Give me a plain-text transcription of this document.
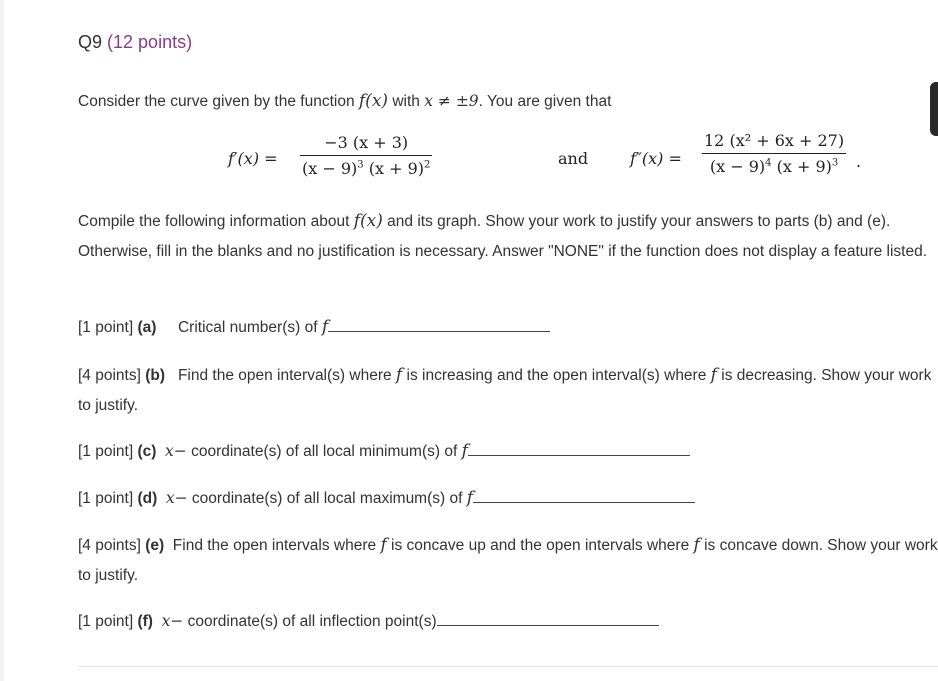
Q9 (12 points)

Consider the curve given by the function f(x) with x ≠ ±9. You are given that

$f'(x) = \frac{-3 (x + 3)}{(x - 9)^3 (x + 9)^2}$	and	$f''(x) = \frac{\text{12 (x² + 6x + 27)}}{(x - 9)^4 (x + 9)^3}$ .

Compile the following information about f(x) and its graph. Show your work to justify your answers to parts (b) and (e). Otherwise, fill in the blanks and no justification is necessary. Answer "NONE" if the function does not display a feature listed.

[1 point] (a) Critical number(s) of f

[4 points] (b) Find the open interval(s) where f is increasing and the open interval(s) where f is decreasing. Show your work to justify.

[1 point] (c) x− coordinate(s) of all local minimum(s) of f

[1 point] (d) x− coordinate(s) of all local maximum(s) of f

[4 points] (e) Find the open intervals where f is concave up and the open intervals where f is concave down. Show your work to justify.

[1 point] (f) x− coordinate(s) of all inflection point(s)
